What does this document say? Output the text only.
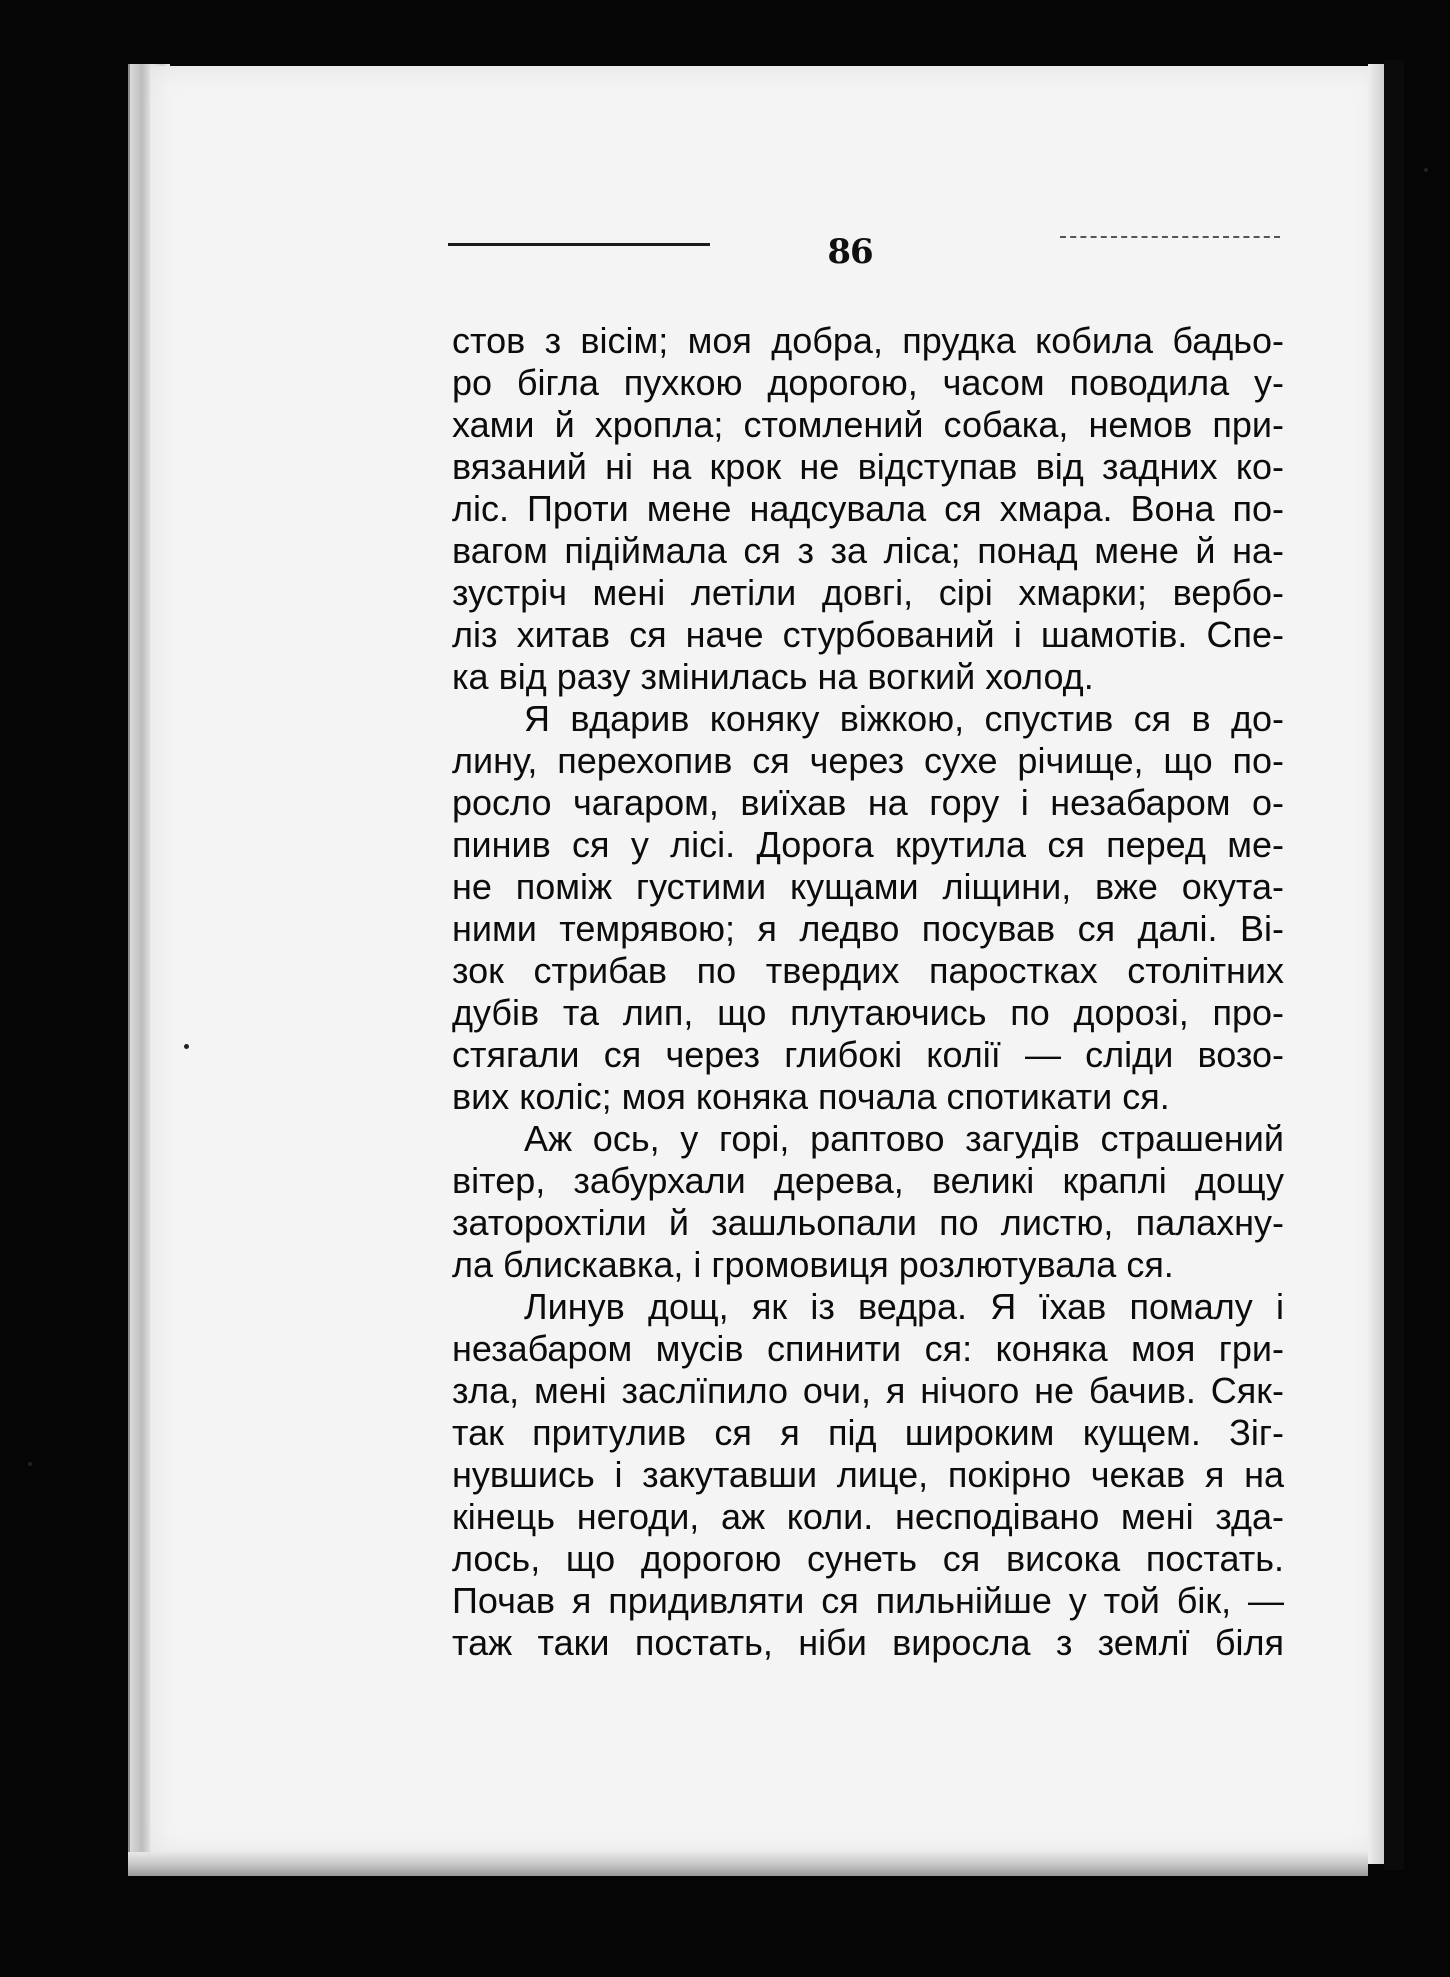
86
стов з вісім; моя добра, прудка кобила бадьо-
ро бігла пухкою дорогою, часом поводила у-
хами й хропла; стомлений собака, немов при-
вязаний ні на крок не відступав від задних ко-
ліс. Проти мене надсувала ся хмара. Вона по-
вагом підіймала ся з за ліса; понад мене й на-
зустріч мені летіли довгі, сірі хмарки; вербо-
ліз хитав ся наче стурбований і шамотів. Спе-
ка від разу змінилась на вогкий холод.
Я вдарив коняку віжкою, спустив ся в до-
лину, перехопив ся через сухе річище, що по-
росло чагаром, виїхав на гору і незабаром о-
пинив ся у лісі. Дорога крутила ся перед ме-
не поміж густими кущами ліщини, вже окута-
ними темрявою; я ледво посував ся далі. Ві-
зок стрибав по твердих паростках столітних
дубів та лип, що плутаючись по дорозі, про-
стягали ся через глибокі колії — сліди возо-
вих коліс; моя коняка почала спотикати ся.
Аж ось, у горі, раптово загудів страшений
вітер, забурхали дерева, великі краплі дощу
заторохтіли й зашльопали по листю, палахну-
ла блискавка, і громовиця розлютувала ся.
Линув дощ, як із ведра. Я їхав помалу і
незабаром мусів спинити ся: коняка моя гри-
зла, мені заслїпило очи, я нічого не бачив. Сяк-
так притулив ся я під широким кущем. Зіг-
нувшись і закутавши лице, покірно чекав я на
кінець негоди, аж коли. несподівано мені зда-
лось, що дорогою сунеть ся висока постать.
Почав я придивляти ся пильнійше у той бік, —
таж таки постать, ніби виросла з землї біля
